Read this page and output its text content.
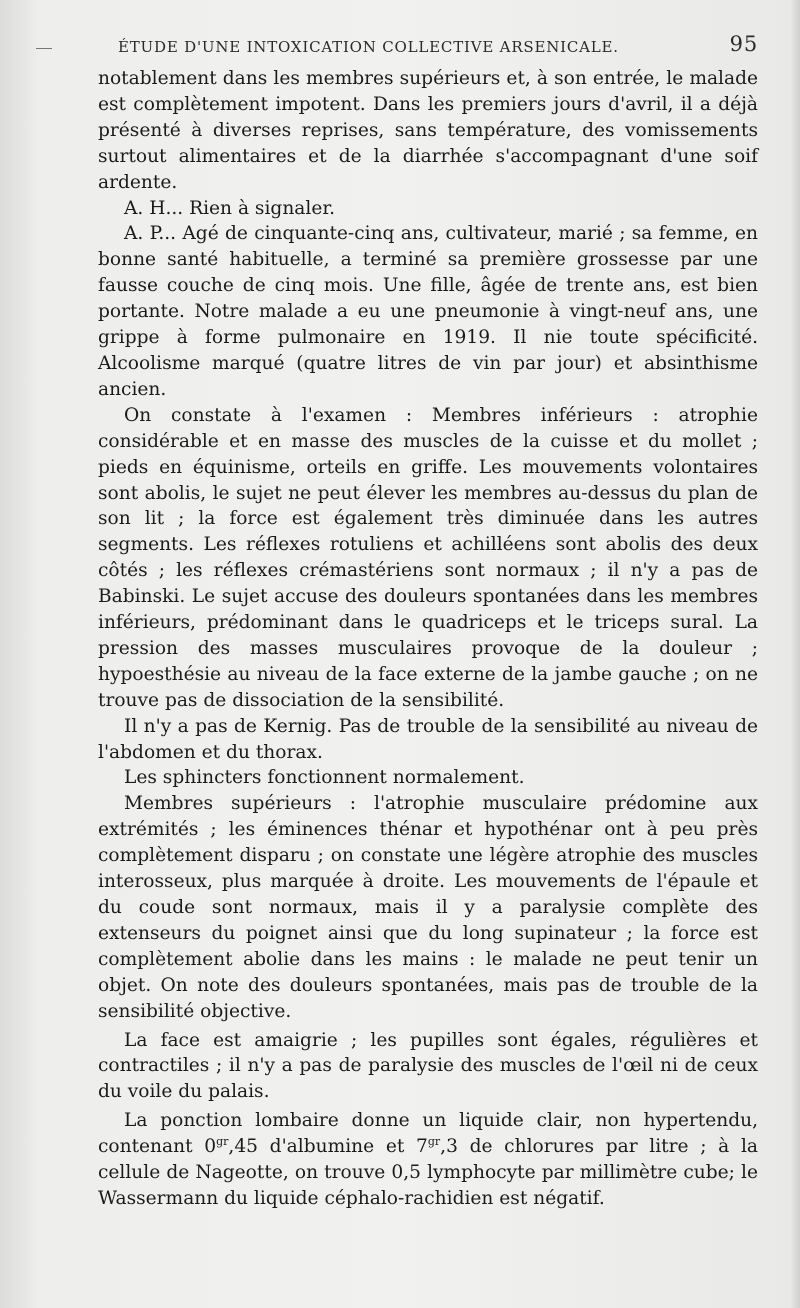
ÉTUDE D'UNE INTOXICATION COLLECTIVE ARSENICALE.	95

notablement dans les membres supérieurs et, à son entrée, le malade est complètement impotent. Dans les premiers jours d'avril, il a déjà présenté à diverses reprises, sans température, des vomissements surtout alimentaires et de la diarrhée s'accompagnant d'une soif ardente.

A. H... Rien à signaler.

A. P... Agé de cinquante-cinq ans, cultivateur, marié ; sa femme, en bonne santé habituelle, a terminé sa première grossesse par une fausse couche de cinq mois. Une fille, âgée de trente ans, est bien portante. Notre malade a eu une pneumonie à vingt-neuf ans, une grippe à forme pulmonaire en 1919. Il nie toute spécificité. Alcoolisme marqué (quatre litres de vin par jour) et absinthisme ancien.

On constate à l'examen : Membres inférieurs : atrophie considérable et en masse des muscles de la cuisse et du mollet ; pieds en équinisme, orteils en griffe. Les mouvements volontaires sont abolis, le sujet ne peut élever les membres au-dessus du plan de son lit ; la force est également très diminuée dans les autres segments. Les réflexes rotuliens et achilléens sont abolis des deux côtés ; les réflexes crémastériens sont normaux ; il n'y a pas de Babinski. Le sujet accuse des douleurs spontanées dans les membres inférieurs, prédominant dans le quadriceps et le triceps sural. La pression des masses musculaires provoque de la douleur ; hypoesthésie au niveau de la face externe de la jambe gauche ; on ne trouve pas de dissociation de la sensibilité.

Il n'y a pas de Kernig. Pas de trouble de la sensibilité au niveau de l'abdomen et du thorax.

Les sphincters fonctionnent normalement.

Membres supérieurs : l'atrophie musculaire prédomine aux extrémités ; les éminences thénar et hypothénar ont à peu près complètement disparu ; on constate une légère atrophie des muscles interosseux, plus marquée à droite. Les mouvements de l'épaule et du coude sont normaux, mais il y a paralysie complète des extenseurs du poignet ainsi que du long supinateur ; la force est complètement abolie dans les mains : le malade ne peut tenir un objet. On note des douleurs spontanées, mais pas de trouble de la sensibilité objective.

La face est amaigrie ; les pupilles sont égales, régulières et contractiles ; il n'y a pas de paralysie des muscles de l'œil ni de ceux du voile du palais.

La ponction lombaire donne un liquide clair, non hypertendu, contenant $0^{gr},45$ d'albumine et $7^{gr},3$ de chlorures par litre ; à la cellule de Nageotte, on trouve 0,5 lymphocyte par millimètre cube; le Wassermann du liquide céphalo-rachidien est négatif.
